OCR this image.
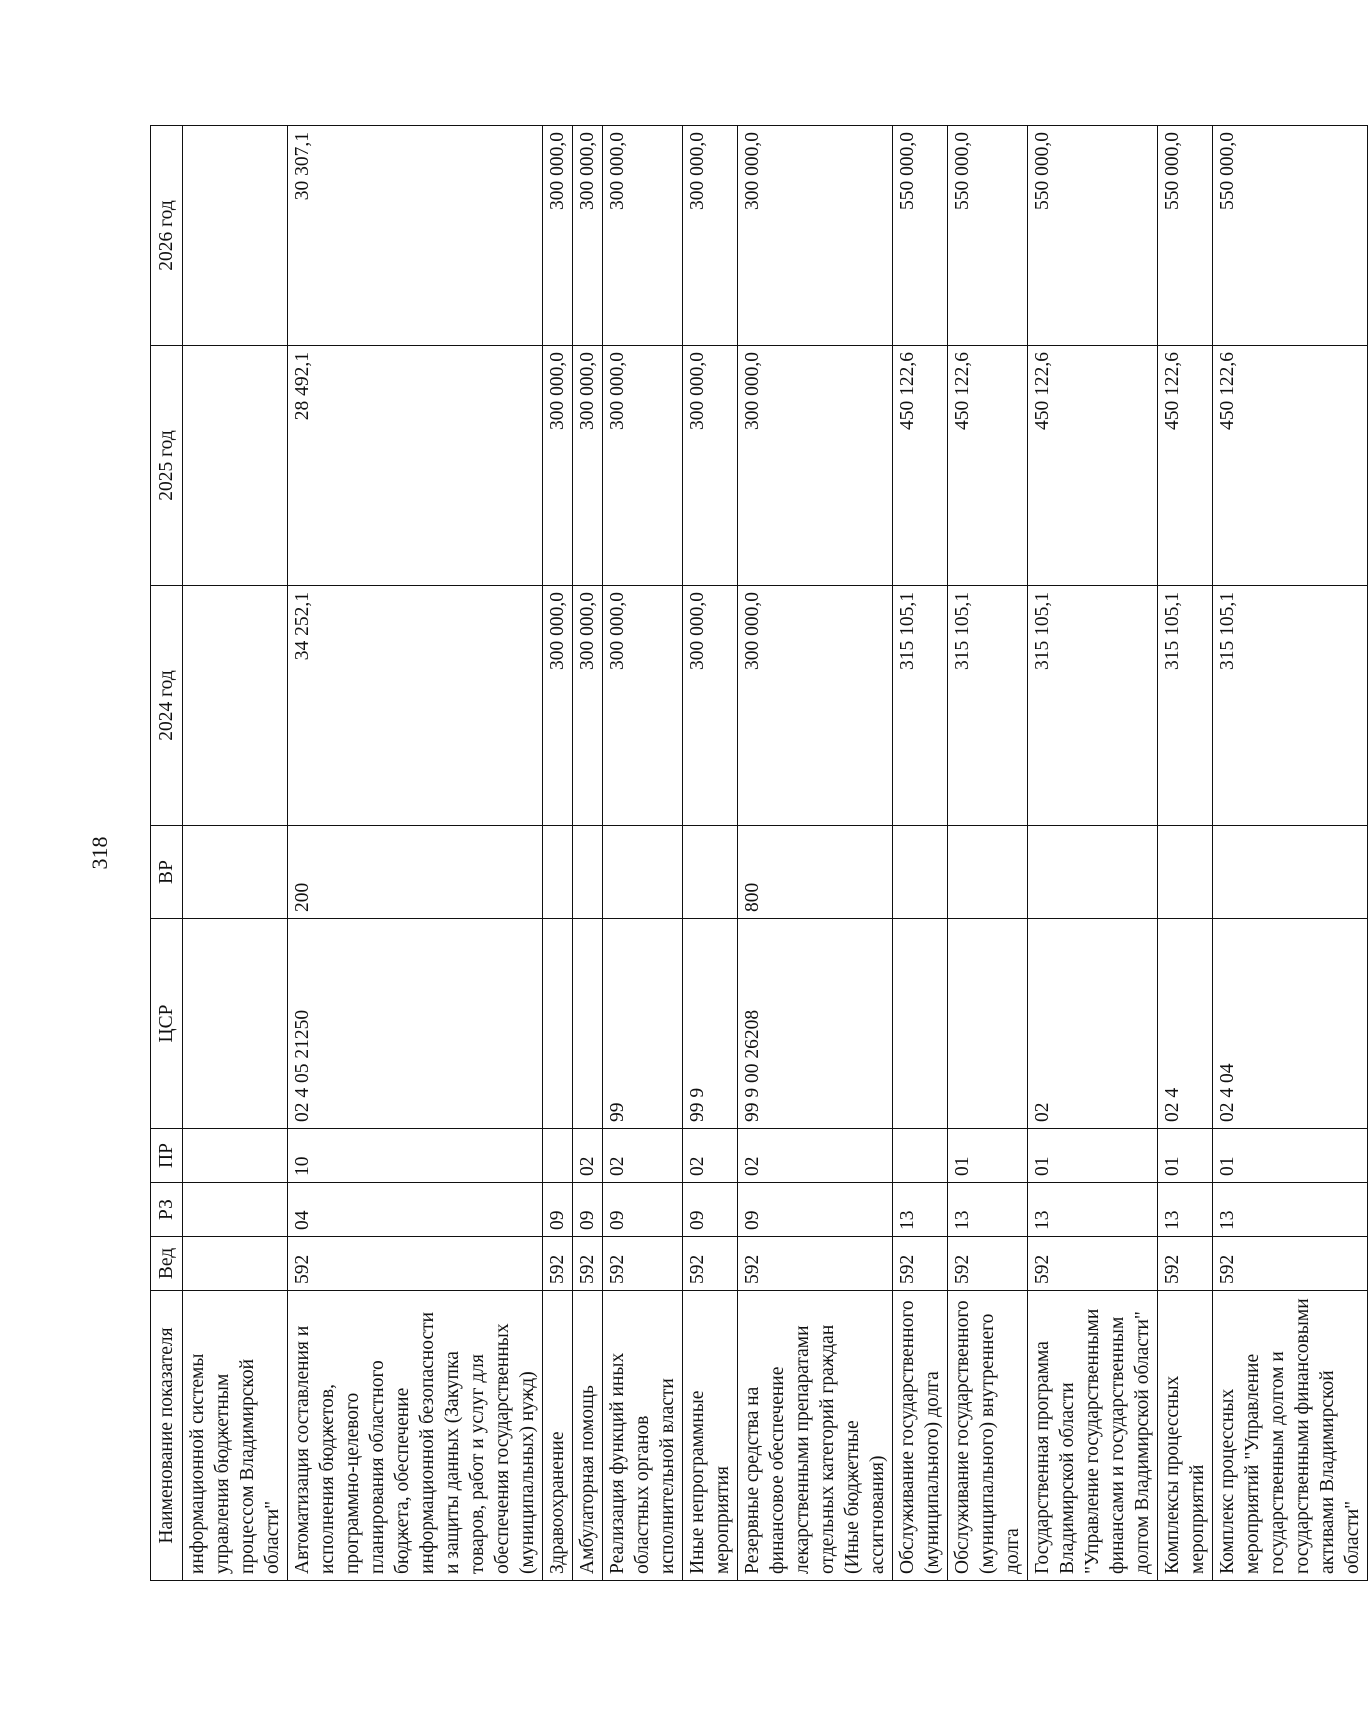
318
Наименование показателя	Вед	РЗ	ПР	ЦСР	ВР	2024 год	2025 год	2026 год
информационной системы управления бюджетным процессом Владимирской области"								
Автоматизация составления и исполнения бюджетов, программно-целевого планирования областного бюджета, обеспечение информационной безопасности и защиты данных (Закупка товаров, работ и услуг для обеспечения государственных (муниципальных) нужд)	592	04	10	02 4 05 21250	200	34 252,1	28 492,1	30 307,1
Здравоохранение	592	09				300 000,0	300 000,0	300 000,0
Амбулаторная помощь	592	09	02			300 000,0	300 000,0	300 000,0
Реализация функций иных областных органов исполнительной власти	592	09	02	99		300 000,0	300 000,0	300 000,0
Иные непрограммные мероприятия	592	09	02	99 9		300 000,0	300 000,0	300 000,0
Резервные средства на финансовое обеспечение лекарственными препаратами отдельных категорий граждан (Иные бюджетные ассигнования)	592	09	02	99 9 00 26208	800	300 000,0	300 000,0	300 000,0
Обслуживание государственного (муниципального) долга	592	13				315 105,1	450 122,6	550 000,0
Обслуживание государственного (муниципального) внутреннего долга	592	13	01			315 105,1	450 122,6	550 000,0
Государственная программа Владимирской области "Управление государственными финансами и государственным долгом Владимирской области"	592	13	01	02		315 105,1	450 122,6	550 000,0
Комплексы процессных мероприятий	592	13	01	02 4		315 105,1	450 122,6	550 000,0
Комплекс процессных мероприятий "Управление государственным долгом и государственными финансовыми активами Владимирской области"	592	13	01	02 4 04		315 105,1	450 122,6	550 000,0
